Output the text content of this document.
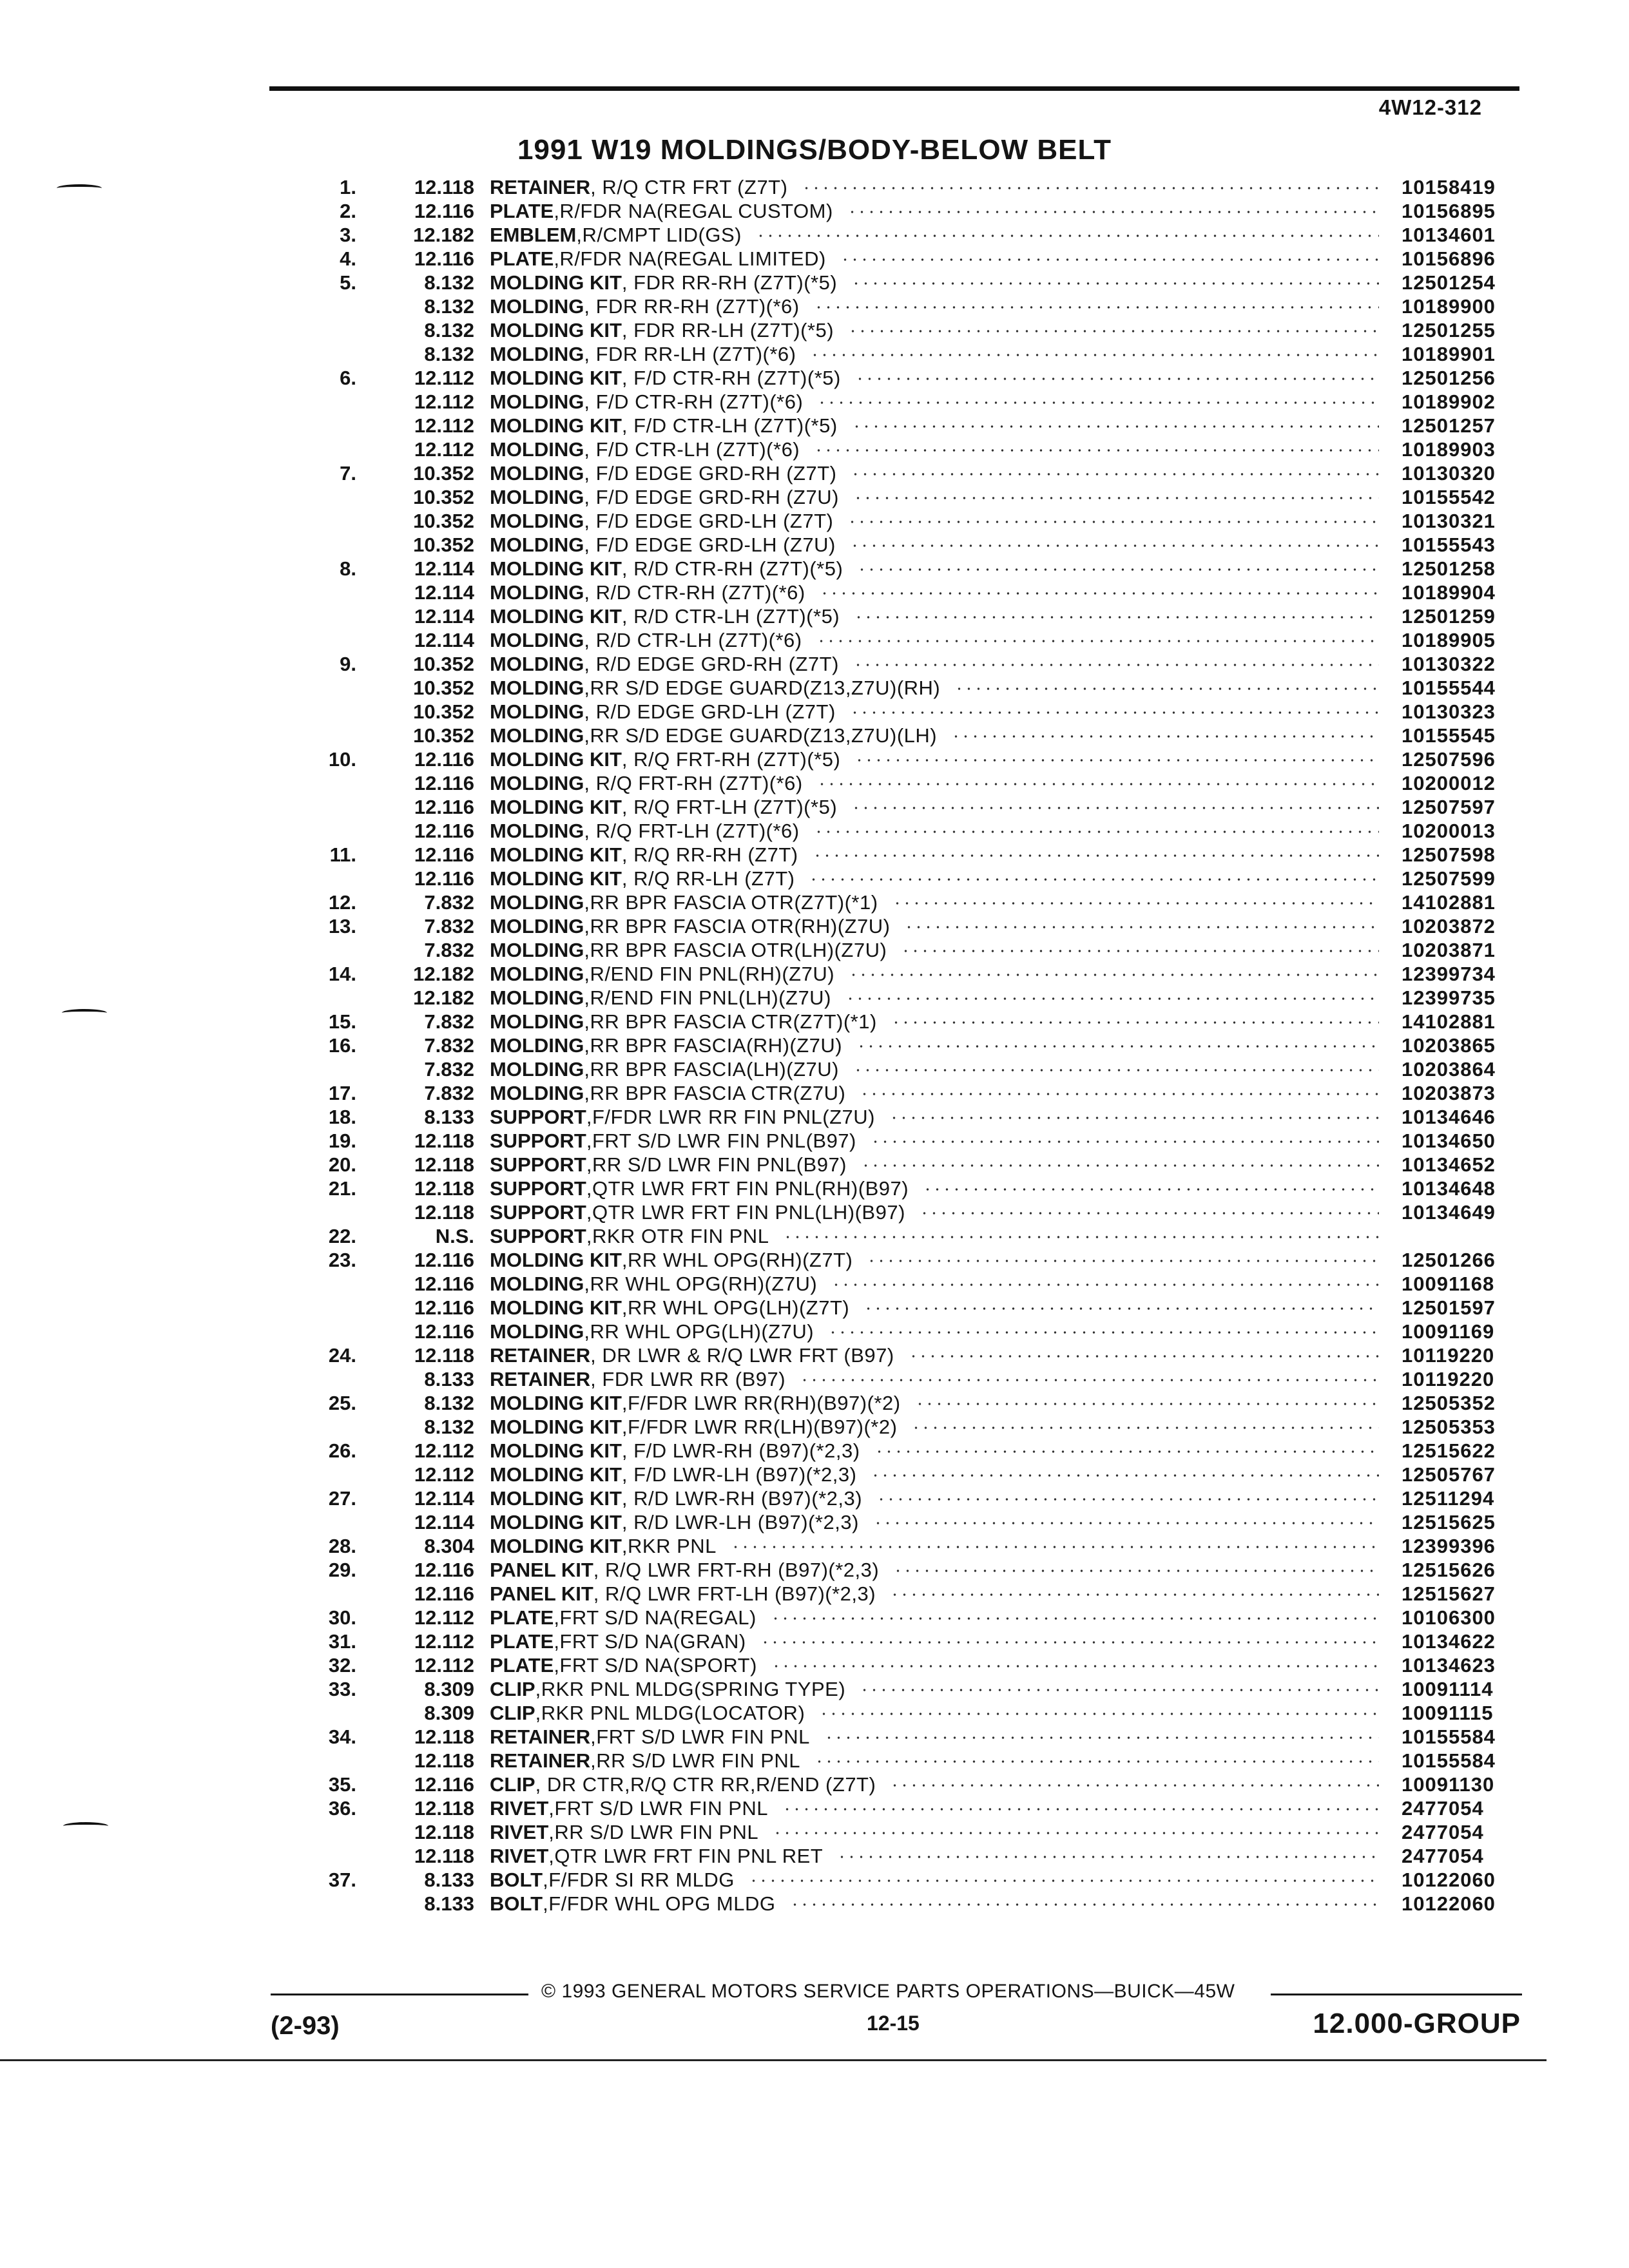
4W12-312
1991 W19 MOLDINGS/BODY-BELOW BELT
1.	12.118 RETAINER , R/Q CTR FRT (Z7T)	10158419
2.	12.116 PLATE ,R/FDR NA(REGAL CUSTOM)	10156895
3.	12.182 EMBLEM ,R/CMPT LID(GS)	10134601
4.	12.116 PLATE ,R/FDR NA(REGAL LIMITED)	10156896
5.	8.132 MOLDING KIT , FDR RR-RH (Z7T)(*5)	12501254
8.132 MOLDING , FDR RR-RH (Z7T)(*6)	10189900
8.132 MOLDING KIT , FDR RR-LH (Z7T)(*5)	12501255
8.132 MOLDING , FDR RR-LH (Z7T)(*6)	10189901
6.	12.112 MOLDING KIT , F/D CTR-RH (Z7T)(*5)	12501256
12.112 MOLDING , F/D CTR-RH (Z7T)(*6)	10189902
12.112 MOLDING KIT , F/D CTR-LH (Z7T)(*5)	12501257
12.112 MOLDING , F/D CTR-LH (Z7T)(*6)	10189903
7.	10.352 MOLDING , F/D EDGE GRD-RH (Z7T)	10130320
10.352 MOLDING , F/D EDGE GRD-RH (Z7U)	10155542
10.352 MOLDING , F/D EDGE GRD-LH (Z7T)	10130321
10.352 MOLDING , F/D EDGE GRD-LH (Z7U)	10155543
8.	12.114 MOLDING KIT , R/D CTR-RH (Z7T)(*5)	12501258
12.114 MOLDING , R/D CTR-RH (Z7T)(*6)	10189904
12.114 MOLDING KIT , R/D CTR-LH (Z7T)(*5)	12501259
12.114 MOLDING , R/D CTR-LH (Z7T)(*6)	10189905
9.	10.352 MOLDING , R/D EDGE GRD-RH (Z7T)	10130322
10.352 MOLDING ,RR S/D EDGE GUARD(Z13,Z7U)(RH)	10155544
10.352 MOLDING , R/D EDGE GRD-LH (Z7T)	10130323
10.352 MOLDING ,RR S/D EDGE GUARD(Z13,Z7U)(LH)	10155545
10.	12.116 MOLDING KIT , R/Q FRT-RH (Z7T)(*5)	12507596
12.116 MOLDING , R/Q FRT-RH (Z7T)(*6)	10200012
12.116 MOLDING KIT , R/Q FRT-LH (Z7T)(*5)	12507597
12.116 MOLDING , R/Q FRT-LH (Z7T)(*6)	10200013
11.	12.116 MOLDING KIT , R/Q RR-RH (Z7T)	12507598
12.116 MOLDING KIT , R/Q RR-LH (Z7T)	12507599
12.	7.832 MOLDING ,RR BPR FASCIA OTR(Z7T)(*1)	14102881
13.	7.832 MOLDING ,RR BPR FASCIA OTR(RH)(Z7U)	10203872
7.832 MOLDING ,RR BPR FASCIA OTR(LH)(Z7U)	10203871
14.	12.182 MOLDING ,R/END FIN PNL(RH)(Z7U)	12399734
12.182 MOLDING ,R/END FIN PNL(LH)(Z7U)	12399735
15.	7.832 MOLDING ,RR BPR FASCIA CTR(Z7T)(*1)	14102881
16.	7.832 MOLDING ,RR BPR FASCIA(RH)(Z7U)	10203865
7.832 MOLDING ,RR BPR FASCIA(LH)(Z7U)	10203864
17.	7.832 MOLDING ,RR BPR FASCIA CTR(Z7U)	10203873
18.	8.133 SUPPORT ,F/FDR LWR RR FIN PNL(Z7U)	10134646
19.	12.118 SUPPORT ,FRT S/D LWR FIN PNL(B97)	10134650
20.	12.118 SUPPORT ,RR S/D LWR FIN PNL(B97)	10134652
21.	12.118 SUPPORT ,QTR LWR FRT FIN PNL(RH)(B97)	10134648
12.118 SUPPORT ,QTR LWR FRT FIN PNL(LH)(B97)	10134649
22.	N.S. SUPPORT ,RKR OTR FIN PNL
23.	12.116 MOLDING KIT ,RR WHL OPG(RH)(Z7T)	12501266
12.116 MOLDING ,RR WHL OPG(RH)(Z7U)	10091168
12.116 MOLDING KIT ,RR WHL OPG(LH)(Z7T)	12501597
12.116 MOLDING ,RR WHL OPG(LH)(Z7U)	10091169
24.	12.118 RETAINER , DR LWR & R/Q LWR FRT (B97)	10119220
8.133 RETAINER , FDR LWR RR (B97)	10119220
25.	8.132 MOLDING KIT ,F/FDR LWR RR(RH)(B97)(*2)	12505352
8.132 MOLDING KIT ,F/FDR LWR RR(LH)(B97)(*2)	12505353
26.	12.112 MOLDING KIT , F/D LWR-RH (B97)(*2,3)	12515622
12.112 MOLDING KIT , F/D LWR-LH (B97)(*2,3)	12505767
27.	12.114 MOLDING KIT , R/D LWR-RH (B97)(*2,3)	12511294
12.114 MOLDING KIT , R/D LWR-LH (B97)(*2,3)	12515625
28.	8.304 MOLDING KIT ,RKR PNL	12399396
29.	12.116 PANEL KIT , R/Q LWR FRT-RH (B97)(*2,3)	12515626
12.116 PANEL KIT , R/Q LWR FRT-LH (B97)(*2,3)	12515627
30.	12.112 PLATE ,FRT S/D NA(REGAL)	10106300
31.	12.112 PLATE ,FRT S/D NA(GRAN)	10134622
32.	12.112 PLATE ,FRT S/D NA(SPORT)	10134623
33.	8.309 CLIP ,RKR PNL MLDG(SPRING TYPE)	10091114
8.309 CLIP ,RKR PNL MLDG(LOCATOR)	10091115
34.	12.118 RETAINER ,FRT S/D LWR FIN PNL	10155584
12.118 RETAINER ,RR S/D LWR FIN PNL	10155584
35.	12.116 CLIP , DR CTR,R/Q CTR RR,R/END (Z7T)	10091130
36.	12.118 RIVET ,FRT S/D LWR FIN PNL	2477054
12.118 RIVET ,RR S/D LWR FIN PNL	2477054
12.118 RIVET ,QTR LWR FRT FIN PNL RET	2477054
37.	8.133 BOLT ,F/FDR SI RR MLDG	10122060
8.133 BOLT ,F/FDR WHL OPG MLDG	10122060
© 1993 GENERAL MOTORS SERVICE PARTS OPERATIONS—BUICK—45W
(2-93)	12-15	12.000-GROUP
